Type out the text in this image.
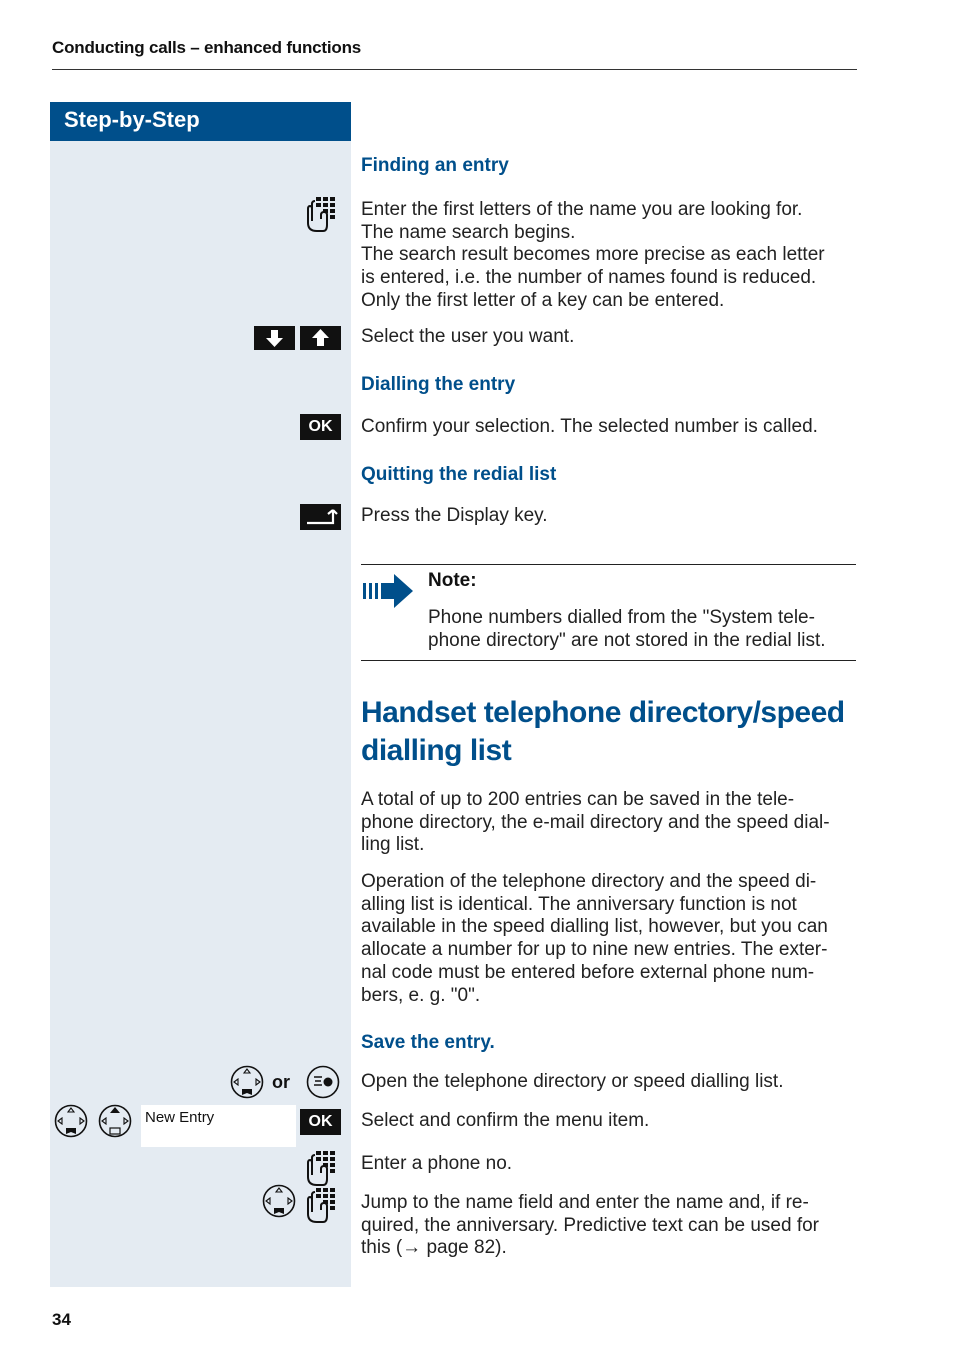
Conducting calls – enhanced functions
Step-by-Step
Finding an entry
Enter the first letters of the name you are looking for.
The name search begins.
The search result becomes more precise as each letter
is entered, i.e. the number of names found is reduced.
Only the first letter of a key can be entered.
Select the user you want.
Dialling the entry
OK	Confirm your selection. The selected number is called.
Quitting the redial list
Press the Display key.
Note:
Phone numbers dialled from the "System tele-
phone directory" are not stored in the redial list.
Handset telephone directory/speed
dialling list
A total of up to 200 entries can be saved in the tele-
phone directory, the e-mail directory and the speed dial-
ling list.
Operation of the telephone directory and the speed di-
alling list is identical. The anniversary function is not
available in the speed dialling list, however, but you can
allocate a number for up to nine new entries. The exter-
nal code must be entered before external phone num-
bers, e. g. "0".
Save the entry.
or	Open the telephone directory or speed dialling list.
New Entry	OK	Select and confirm the menu item.
Enter a phone no.
Jump to the name field and enter the name and, if re-
quired, the anniversary. Predictive text can be used for
this (→ page 82).
34
